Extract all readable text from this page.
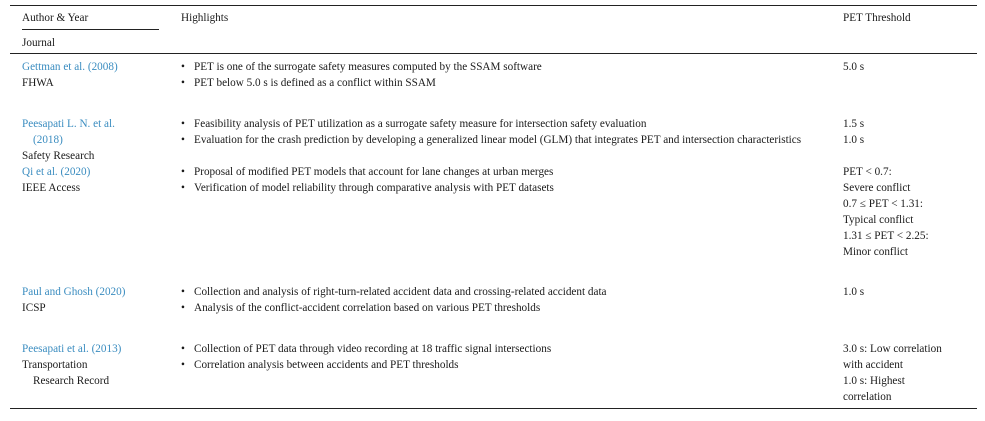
Author & Year
Journal
Highlights	PET Threshold
Gettman et al. (2008)
FHWA
• PET is one of the surrogate safety measures computed by the SSAM software
• PET below 5.0 s is defined as a conflict within SSAM
5.0 s
Peesapati L. N. et al.
(2018)
Safety Research
• Feasibility analysis of PET utilization as a surrogate safety measure for intersection safety evaluation
• Evaluation for the crash prediction by developing a generalized linear model (GLM) that integrates PET and intersection characteristics
1.5 s
1.0 s
Qi et al. (2020)
IEEE Access
• Proposal of modified PET models that account for lane changes at urban merges
• Verification of model reliability through comparative analysis with PET datasets
PET < 0.7:
Severe conflict
0.7 ≤ PET < 1.31:
Typical conflict
1.31 ≤ PET < 2.25:
Minor conflict
Paul and Ghosh (2020)
ICSP
• Collection and analysis of right-turn-related accident data and crossing-related accident data
• Analysis of the conflict-accident correlation based on various PET thresholds
1.0 s
Peesapati et al. (2013)
Transportation
Research Record
• Collection of PET data through video recording at 18 traffic signal intersections
• Correlation analysis between accidents and PET thresholds
3.0 s: Low correlation
with accident
1.0 s: Highest
correlation
